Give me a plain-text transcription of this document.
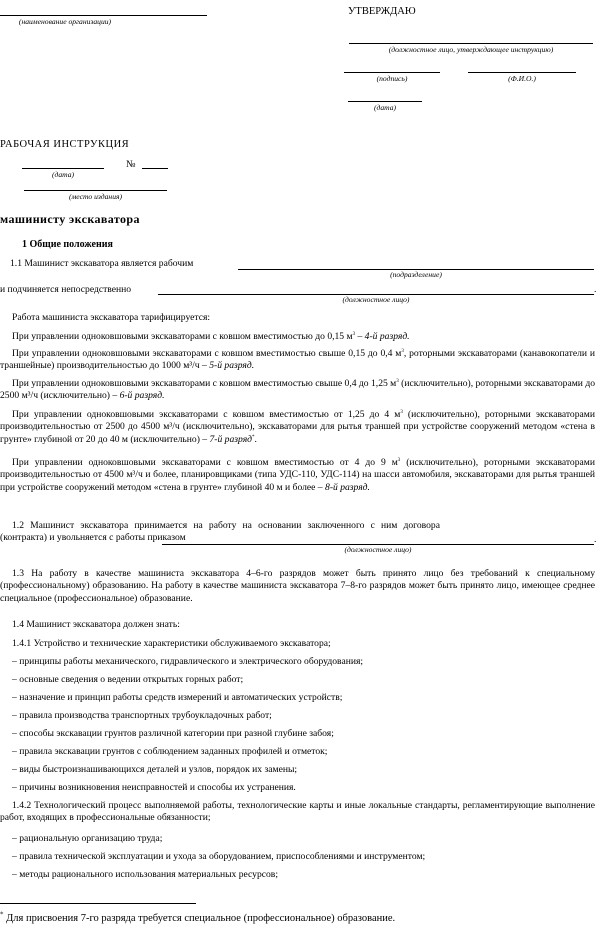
(наименование организации)
УТВЕРЖДАЮ
(должностное лицо, утверждающее инструкцию)
(подпись)	(Ф.И.О.)
(дата)
РАБОЧАЯ ИНСТРУКЦИЯ
(дата)
№
(место издания)
машинисту экскаватора
1 Общие положения
1.1 Машинист экскаватора является рабочим
(подразделение)
и подчиняется непосредственно	.
(должностное лицо)
Работа машиниста экскаватора тарифицируется:
При управлении одноковшовыми экскаваторами с ковшом вместимостью до 0,15 $м^3 - 4-й$ разряд.
При управлении одноковшовыми экскаваторами с ковшом вместимостью свыше 0,15 до 0,4 $м^3$, роторными экскаваторами (канавокопатели и траншейные) производительностью до 1000 м³/ч – 5-й разряд.
При управлении одноковшовыми экскаваторами с ковшом вместимостью свыше 0,4 до 1,25 $м^3$ (исключительно), роторными экскаваторами до 2500 м³/ч (исключительно) – 6-й разряд.
При управлении одноковшовыми экскаваторами с ковшом вместимостью от 1,25 до 4 $м^3$ (исключительно), роторными экскаваторами производительностью от 2500 до 4500 м³/ч (исключительно), экскаваторами для рытья траншей при устройстве сооружений методом «стена в грунте» глубиной от 20 до 40 м (исключительно) – 7-й разряд*.
При управлении одноковшовыми экскаваторами с ковшом вместимостью от 4 до 9 $м^3$ (исключительно), роторными экскаваторами производительностью от 4500 м³/ч и более, планировщиками (типа УДС-110, УДС-114) на шасси автомобиля, экскаваторами для рытья траншей при устройстве сооружений методом «стена в грунте» глубиной 40 м и более – 8-й разряд.
1.2 Машинист экскаватора принимается на работу на основании заключенного с ним договора (контракта) и увольняется с работы приказом	.
(должностное лицо)
1.3 На работу в качестве машиниста экскаватора 4–6-го разрядов может быть принято лицо без требований к специальному (профессиональному) образованию. На работу в качестве машиниста экскаватора 7–8-го разрядов может быть принято лицо, имеющее среднее специальное (профессиональное) образование.
1.4 Машинист экскаватора должен знать:
1.4.1 Устройство и технические характеристики обслуживаемого экскаватора;
– принципы работы механического, гидравлического и электрического оборудования;
– основные сведения о ведении открытых горных работ;
– назначение и принцип работы средств измерений и автоматических устройств;
– правила производства транспортных трубоукладочных работ;
– способы экскавации грунтов различной категории при разной глубине забоя;
– правила экскавации грунтов с соблюдением заданных профилей и отметок;
– виды быстроизнашивающихся деталей и узлов, порядок их замены;
– причины возникновения неисправностей и способы их устранения.
1.4.2 Технологический процесс выполняемой работы, технологические карты и иные локальные стандарты, регламентирующие выполнение работ, входящих в профессиональные обязанности;
– рациональную организацию труда;
– правила технической эксплуатации и ухода за оборудованием, приспособлениями и инструментом;
– методы рационального использования материальных ресурсов;
* Для присвоения 7-го разряда требуется специальное (профессиональное) образование.
